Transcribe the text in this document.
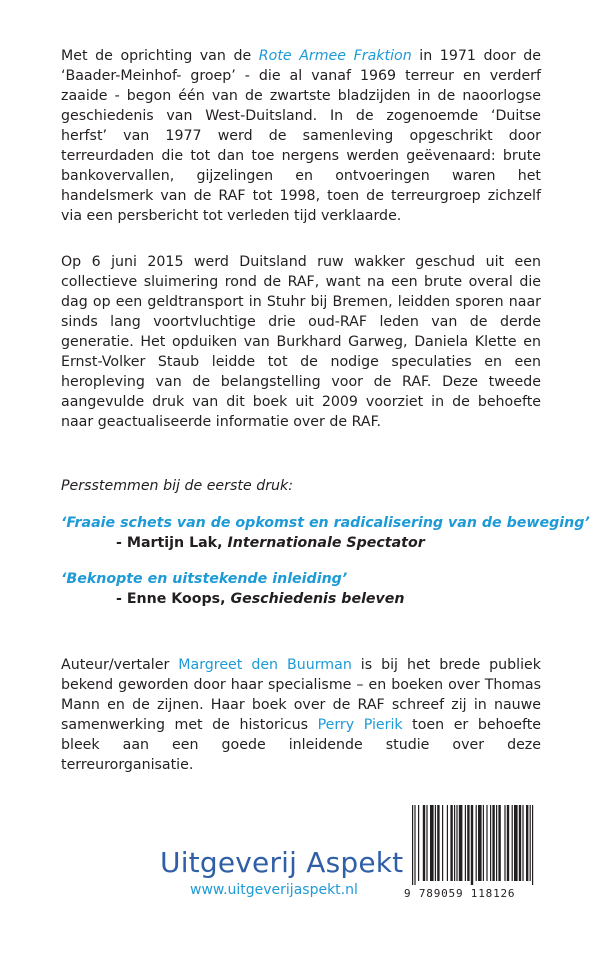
Met de oprichting van de Rote Armee Fraktion in 1971 door de ‘Baader-Meinhof- groep’ - die al vanaf 1969 terreur en verderf zaaide - begon één van de zwartste bladzijden in de naoorlogse geschiedenis van West-Duitsland. In de zogenoemde ‘Duitse herfst’ van 1977 werd de samenleving opgeschrikt door terreurdaden die tot dan toe nergens werden geëvenaard: brute bankovervallen, gijzelingen en ontvoeringen waren het handelsmerk van de RAF tot 1998, toen de terreurgroep zichzelf via een persbericht tot verleden tijd verklaarde.

Op 6 juni 2015 werd Duitsland ruw wakker geschud uit een collectieve sluimering rond de RAF, want na een brute overal die dag op een geldtransport in Stuhr bij Bremen, leidden sporen naar sinds lang voortvluchtige drie oud-RAF leden van de derde generatie. Het opduiken van Burkhard Garweg, Daniela Klette en Ernst-Volker Staub leidde tot de nodige speculaties en een heropleving van de belangstelling voor de RAF. Deze tweede aangevulde druk van dit boek uit 2009 voorziet in de behoefte naar geactualiseerde informatie over de RAF.

Persstemmen bij de eerste druk:

‘Fraaie schets van de opkomst en radicalisering van de beweging’

- Martijn Lak, Internationale Spectator

‘Beknopte en uitstekende inleiding’

- Enne Koops, Geschiedenis beleven

Auteur/vertaler Margreet den Buurman is bij het brede publiek bekend geworden door haar specialisme – en boeken over Thomas Mann en de zijnen. Haar boek over de RAF schreef zij in nauwe samenwerking met de historicus Perry Pierik toen er behoefte bleek aan een goede inleidende studie over deze terreurorganisatie.

Uitgeverij Aspekt

www.uitgeverijaspekt.nl	9 789059 118126
